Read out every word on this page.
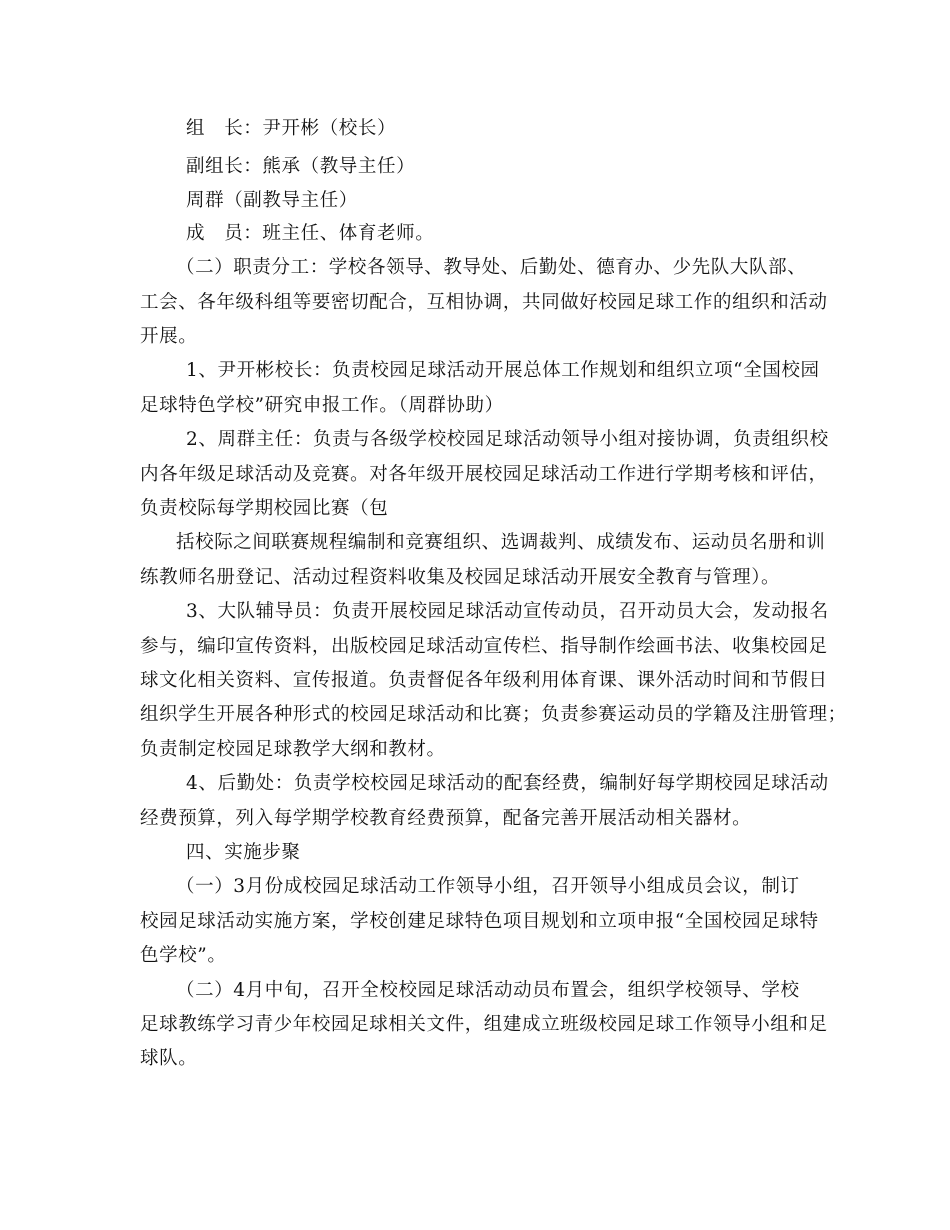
组　长：尹开彬（校长）
副组长：熊承（教导主任）
周群（副教导主任）
成　员：班主任、体育老师。
（二）职责分工：学校各领导、教导处、后勤处、德育办、少先队大队部、
工会、各年级科组等要密切配合，互相协调，共同做好校园足球工作的组织和活动
开展。
1、尹开彬校长：负责校园足球活动开展总体工作规划和组织立项“全国校园
足球特色学校”研究申报工作。（周群协助）
2、周群主任：负责与各级学校校园足球活动领导小组对接协调，负责组织校
内各年级足球活动及竞赛。对各年级开展校园足球活动工作进行学期考核和评估，
负责校际每学期校园比赛（包
括校际之间联赛规程编制和竞赛组织、选调裁判、成绩发布、运动员名册和训
练教师名册登记、活动过程资料收集及校园足球活动开展安全教育与管理）。
3、大队辅导员：负责开展校园足球活动宣传动员，召开动员大会，发动报名
参与，编印宣传资料，出版校园足球活动宣传栏、指导制作绘画书法、收集校园足
球文化相关资料、宣传报道。负责督促各年级利用体育课、课外活动时间和节假日
组织学生开展各种形式的校园足球活动和比赛；负责参赛运动员的学籍及注册管理；
负责制定校园足球教学大纲和教材。
4、后勤处：负责学校校园足球活动的配套经费，编制好每学期校园足球活动
经费预算，列入每学期学校教育经费预算，配备完善开展活动相关器材。
四、实施步聚
（一）3月份成校园足球活动工作领导小组，召开领导小组成员会议，制订
校园足球活动实施方案，学校创建足球特色项目规划和立项申报“全国校园足球特
色学校”。
（二）4月中旬，召开全校校园足球活动动员布置会，组织学校领导、学校
足球教练学习青少年校园足球相关文件，组建成立班级校园足球工作领导小组和足
球队。
